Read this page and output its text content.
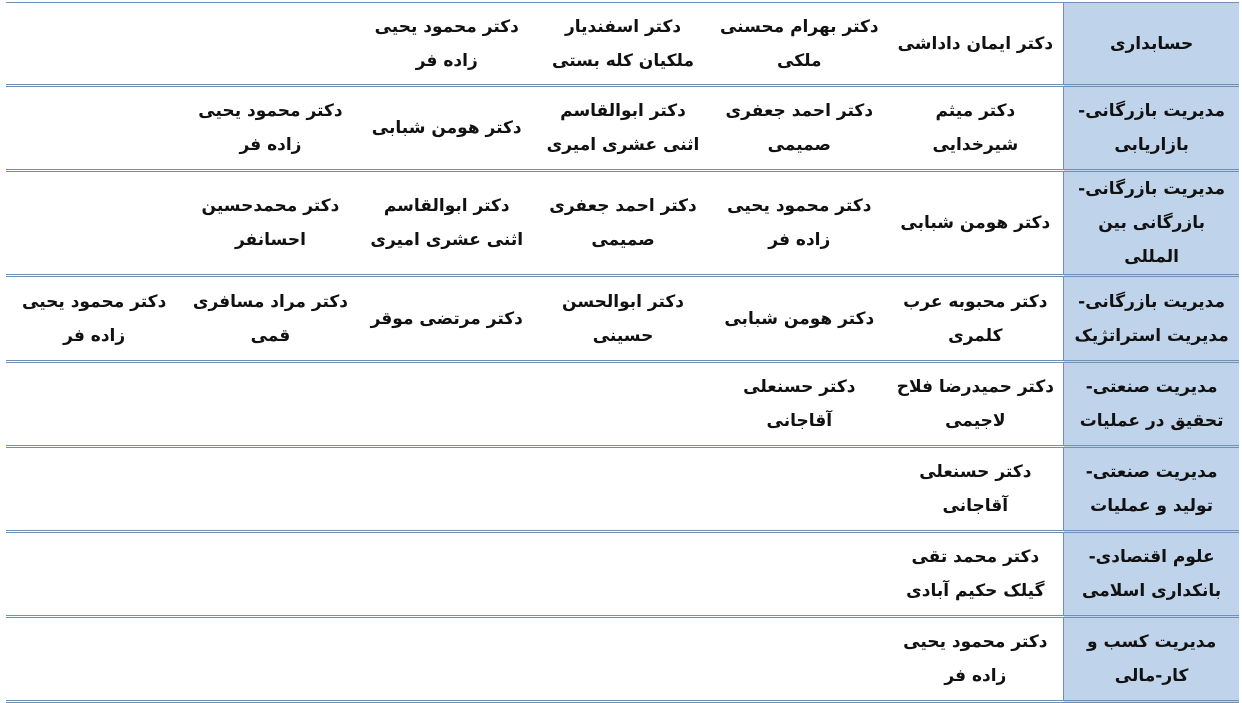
حسابداری	دکتر ایمان داداشی	دکتر بهرام محسنی ملکی	دکتر اسفندیار ملکیان کله بستی	دکتر محمود یحیی زاده فر		
مدیریت بازرگانی- بازاریابی	دکتر میثم شیرخدایی	دکتر احمد جعفری صمیمی	دکتر ابوالقاسم اثنی عشری امیری	دکتر هومن شبابی	دکتر محمود یحیی زاده فر	
مدیریت بازرگانی- بازرگانی بین المللی	دکتر هومن شبابی	دکتر محمود یحیی زاده فر	دکتر احمد جعفری صمیمی	دکتر ابوالقاسم اثنی عشری امیری	دکتر محمدحسین احسانفر	
مدیریت بازرگانی- مدیریت استراتژیک	دکتر محبوبه عرب کلمری	دکتر هومن شبابی	دکتر ابوالحسن حسینی	دکتر مرتضی موقر	دکتر مراد مسافری قمی	دکتر محمود یحیی زاده فر
مدیریت صنعتی- تحقیق در عملیات	دکتر حمیدرضا فلاح لاجیمی	دکتر حسنعلی آقاجانی				
مدیریت صنعتی- تولید و عملیات	دکتر حسنعلی آقاجانی					
علوم اقتصادی- بانکداری اسلامی	دکتر محمد تقی گیلک حکیم آبادی					
مدیریت کسب و کار-مالی	دکتر محمود یحیی زاده فر					
